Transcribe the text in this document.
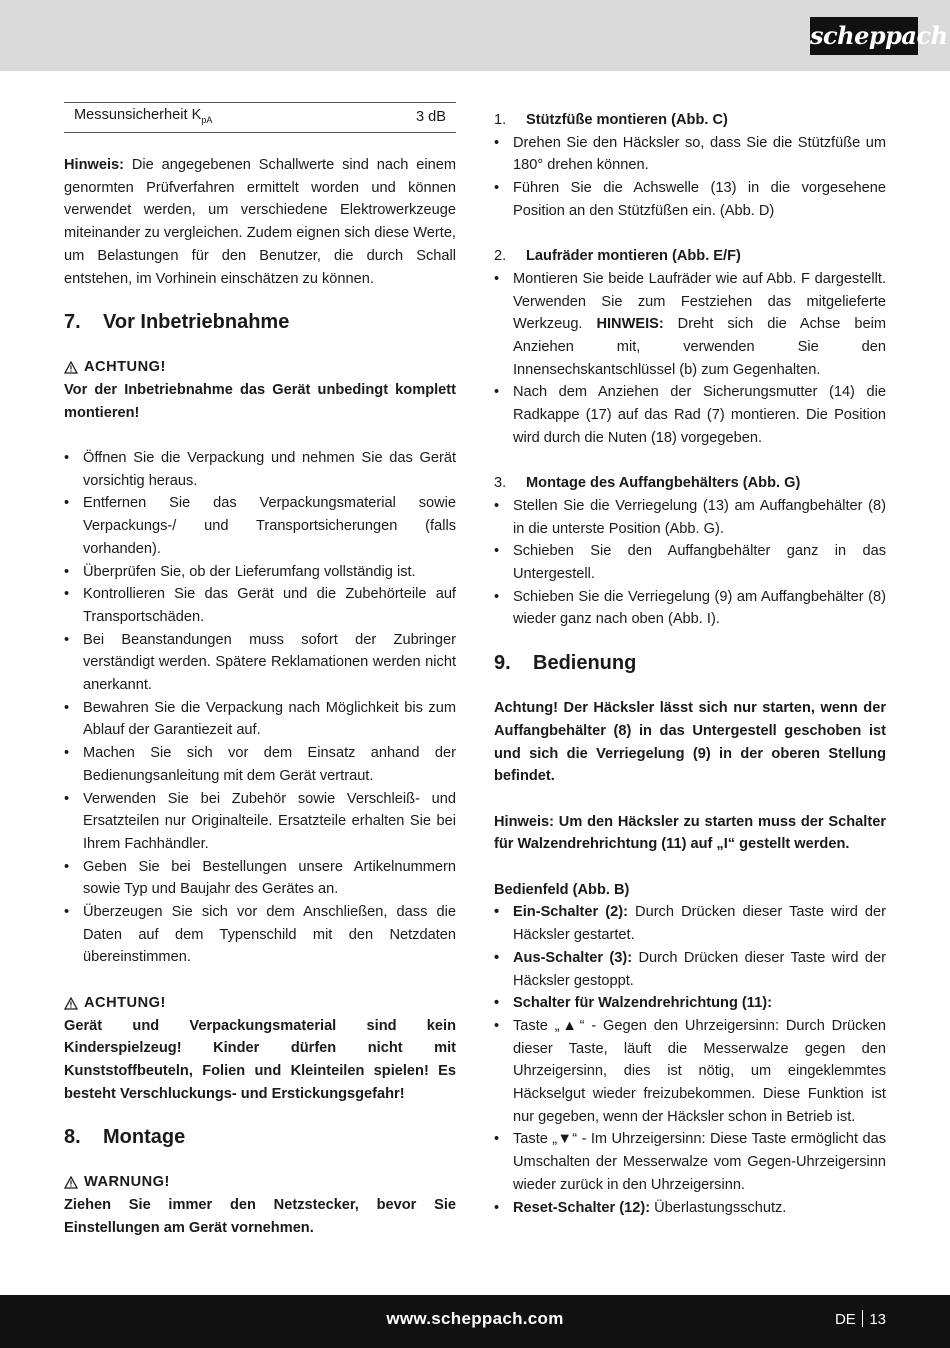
scheppach
Messunsicherheit $K_{pA}$	3 dB

Hinweis: Die angegebenen Schallwerte sind nach einem genormten Prüfverfahren ermittelt worden und können verwendet werden, um verschiedene Elektrowerkzeuge miteinander zu vergleichen. Zudem eignen sich diese Werte, um Belastungen für den Benutzer, die durch Schall entstehen, im Vorhinein einschätzen zu können.

7.	Vor Inbetriebnahme
ACHTUNG!

Vor der Inbetriebnahme das Gerät unbedingt komplett montieren!

• Öffnen Sie die Verpackung und nehmen Sie das Gerät vorsichtig heraus.
• Entfernen Sie das Verpackungsmaterial sowie Verpackungs-/ und Transportsicherungen (falls vorhanden).
• Überprüfen Sie, ob der Lieferumfang vollständig ist.
• Kontrollieren Sie das Gerät und die Zubehörteile auf Transportschäden.
• Bei Beanstandungen muss sofort der Zubringer verständigt werden. Spätere Reklamationen werden nicht anerkannt.
• Bewahren Sie die Verpackung nach Möglichkeit bis zum Ablauf der Garantiezeit auf.
• Machen Sie sich vor dem Einsatz anhand der Bedienungsanleitung mit dem Gerät vertraut.
• Verwenden Sie bei Zubehör sowie Verschleiß- und Ersatzteilen nur Originalteile. Ersatzteile erhalten Sie bei Ihrem Fachhändler.
• Geben Sie bei Bestellungen unsere Artikelnummern sowie Typ und Baujahr des Gerätes an.
• Überzeugen Sie sich vor dem Anschließen, dass die Daten auf dem Typenschild mit den Netzdaten übereinstimmen.
ACHTUNG!

Gerät und Verpackungsmaterial sind kein Kinderspielzeug! Kinder dürfen nicht mit Kunststoffbeuteln, Folien und Kleinteilen spielen! Es besteht Verschluckungs- und Erstickungsgefahr!

8.	Montage
WARNUNG!

Ziehen Sie immer den Netzstecker, bevor Sie Einstellungen am Gerät vornehmen.

1.	Stützfüße montieren (Abb. C)
• Drehen Sie den Häcksler so, dass Sie die Stützfüße um 180° drehen können.
• Führen Sie die Achswelle (13) in die vorgesehene Position an den Stützfüßen ein. (Abb. D)
2.	Laufräder montieren (Abb. E/F)
• Montieren Sie beide Laufräder wie auf Abb. F dargestellt. Verwenden Sie zum Festziehen das mitgelieferte Werkzeug. HINWEIS: Dreht sich die Achse beim Anziehen mit, verwenden Sie den Innensechskantschlüssel (b) zum Gegenhalten.
• Nach dem Anziehen der Sicherungsmutter (14) die Radkappe (17) auf das Rad (7) montieren. Die Position wird durch die Nuten (18) vorgegeben.
3.	Montage des Auffangbehälters (Abb. G)
• Stellen Sie die Verriegelung (13) am Auffangbehälter (8) in die unterste Position (Abb. G).
• Schieben Sie den Auffangbehälter ganz in das Untergestell.
• Schieben Sie die Verriegelung (9) am Auffangbehälter (8) wieder ganz nach oben (Abb. I).
9.	Bedienung

Achtung! Der Häcksler lässt sich nur starten, wenn der Auffangbehälter (8) in das Untergestell geschoben ist und sich die Verriegelung (9) in der oberen Stellung befindet.

Hinweis: Um den Häcksler zu starten muss der Schalter für Walzendrehrichtung (11) auf „I“ gestellt werden.

Bedienfeld (Abb. B)
• Ein-Schalter (2): Durch Drücken dieser Taste wird der Häcksler gestartet.
• Aus-Schalter (3): Durch Drücken dieser Taste wird der Häcksler gestoppt.
• Schalter für Walzendrehrichtung (11):
• Taste „▲“ - Gegen den Uhrzeigersinn: Durch Drücken dieser Taste, läuft die Messerwalze gegen den Uhrzeigersinn, dies ist nötig, um eingeklemmtes Häckselgut wieder freizubekommen. Diese Funktion ist nur gegeben, wenn der Häcksler schon in Betrieb ist.
• Taste „▼“ - Im Uhrzeigersinn: Diese Taste ermöglicht das Umschalten der Messerwalze vom Gegen-Uhrzeigersinn wieder zurück in den Uhrzeigersinn.
• Reset-Schalter (12): Überlastungsschutz.
www.scheppach.com	DE 13
